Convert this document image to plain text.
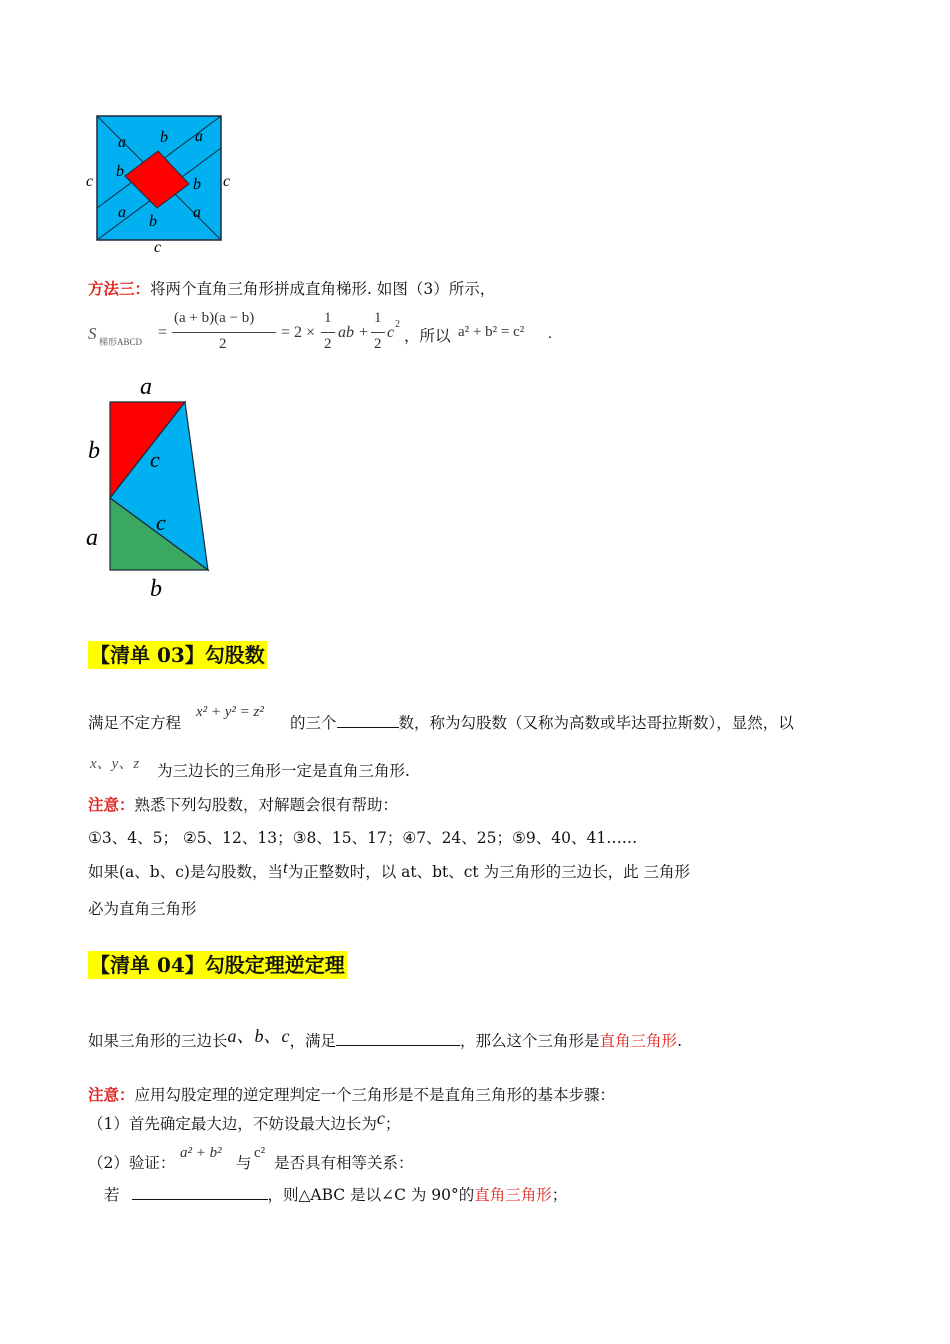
a b a
b
b
a
b
a
c	c
c
方法三：将两个直角三角形拼成直角梯形. 如图（3）所示，
S 梯形ABCD
=
(a + b)(a − b)
2
= 2 ×
1
2
ab +
1
2
c 2
，所以 a² + b² = c² .
a
b c
c
a
b
【清单 03】勾股数
满足不定方程
x² + y² = z²
的三个	数，称为勾股数（又称为高数或毕达哥拉斯数），显然，以
x、y、z 为三边长的三角形一定是直角三角形.
注意：熟悉下列勾股数，对解题会很有帮助：
①3、4、5； ②5、12、13；③8、15、17；④7、24、25；⑤9、40、41……
如果(a、b、c)是勾股数，当t为正整数时，以 at、bt、ct 为三角形的三边长，此 三角形
必为直角三角形
【清单 04】勾股定理逆定理
如果三角形的三边长a、b、c，满足	，那么这个三角形是直角三角形.
注意：应用勾股定理的逆定理判定一个三角形是不是直角三角形的基本步骤：
（1）首先确定最大边，不妨设最大边长为c；
（2）验证：
a² + b²
与
c²
是否具有相等关系：
若	，则△ABC 是以∠C 为 90°的直角三角形；
